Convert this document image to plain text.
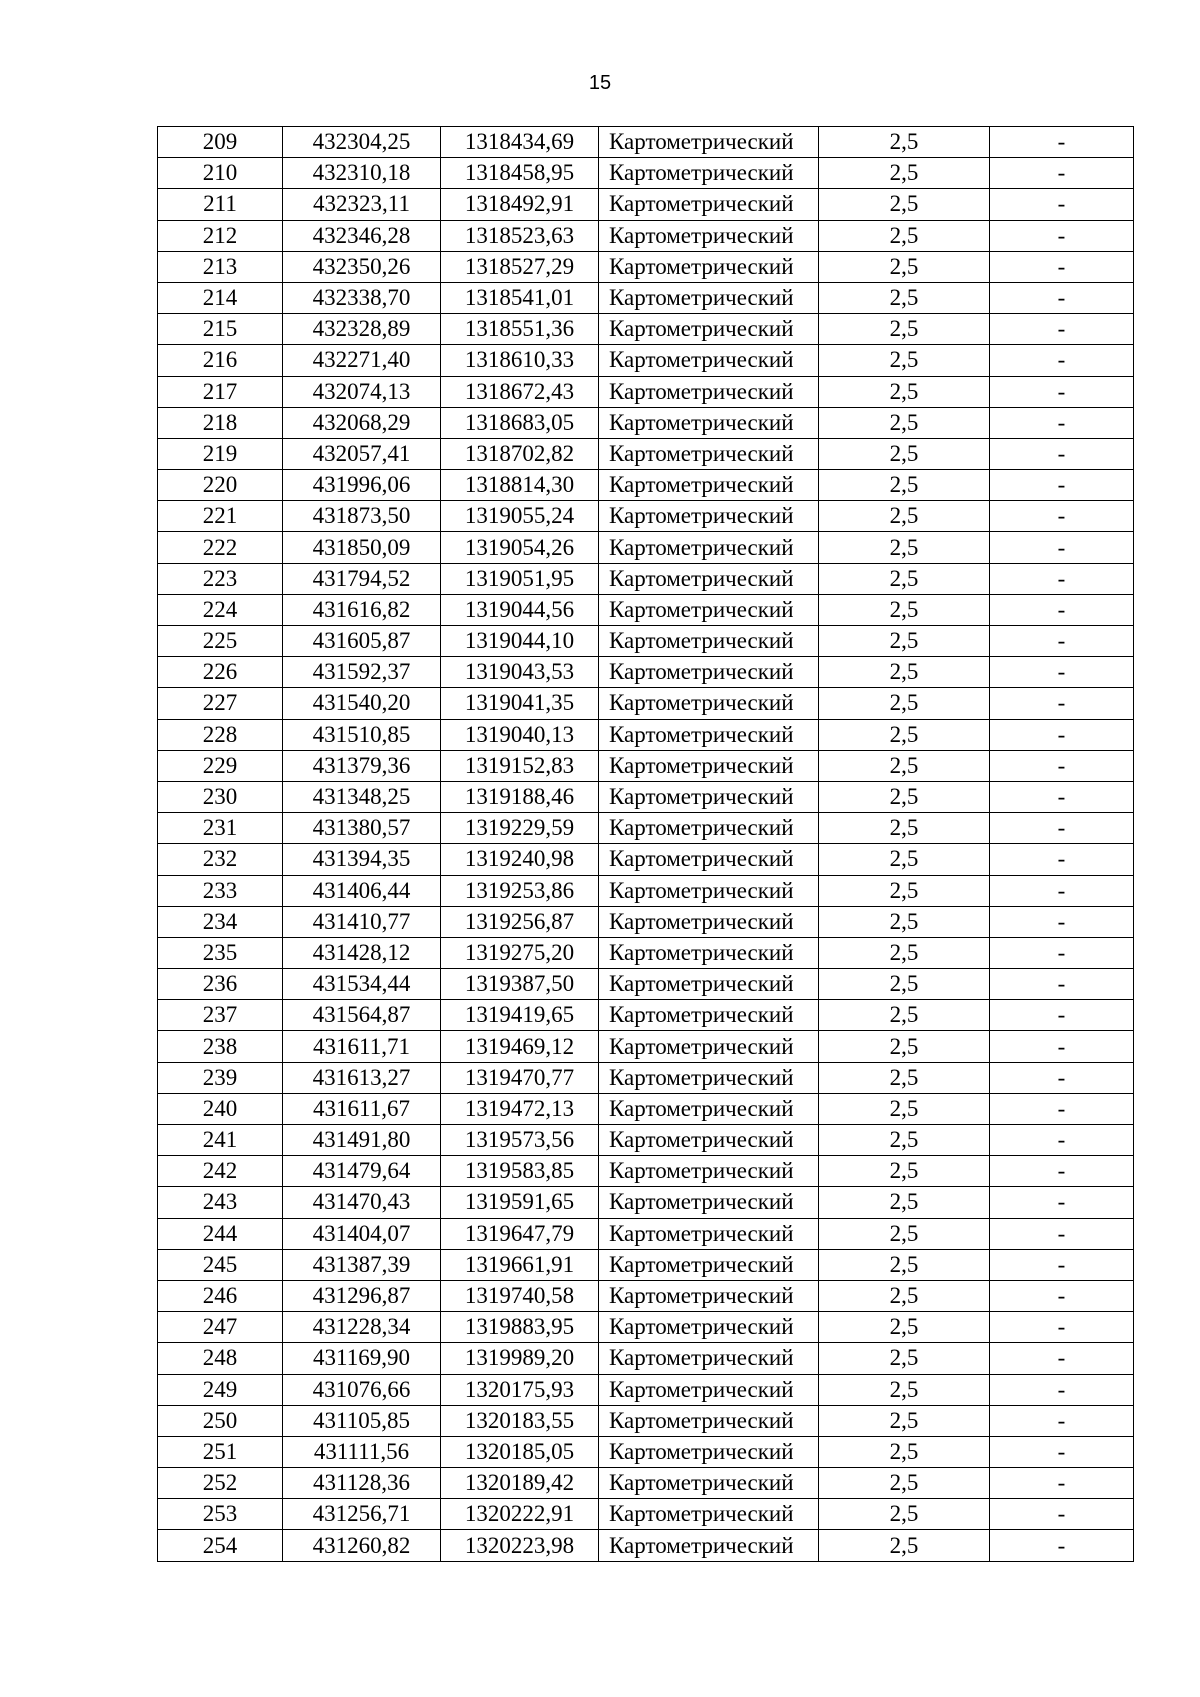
15
209	432304,25	1318434,69	Картометрический	2,5	-
210	432310,18	1318458,95	Картометрический	2,5	-
211	432323,11	1318492,91	Картометрический	2,5	-
212	432346,28	1318523,63	Картометрический	2,5	-
213	432350,26	1318527,29	Картометрический	2,5	-
214	432338,70	1318541,01	Картометрический	2,5	-
215	432328,89	1318551,36	Картометрический	2,5	-
216	432271,40	1318610,33	Картометрический	2,5	-
217	432074,13	1318672,43	Картометрический	2,5	-
218	432068,29	1318683,05	Картометрический	2,5	-
219	432057,41	1318702,82	Картометрический	2,5	-
220	431996,06	1318814,30	Картометрический	2,5	-
221	431873,50	1319055,24	Картометрический	2,5	-
222	431850,09	1319054,26	Картометрический	2,5	-
223	431794,52	1319051,95	Картометрический	2,5	-
224	431616,82	1319044,56	Картометрический	2,5	-
225	431605,87	1319044,10	Картометрический	2,5	-
226	431592,37	1319043,53	Картометрический	2,5	-
227	431540,20	1319041,35	Картометрический	2,5	-
228	431510,85	1319040,13	Картометрический	2,5	-
229	431379,36	1319152,83	Картометрический	2,5	-
230	431348,25	1319188,46	Картометрический	2,5	-
231	431380,57	1319229,59	Картометрический	2,5	-
232	431394,35	1319240,98	Картометрический	2,5	-
233	431406,44	1319253,86	Картометрический	2,5	-
234	431410,77	1319256,87	Картометрический	2,5	-
235	431428,12	1319275,20	Картометрический	2,5	-
236	431534,44	1319387,50	Картометрический	2,5	-
237	431564,87	1319419,65	Картометрический	2,5	-
238	431611,71	1319469,12	Картометрический	2,5	-
239	431613,27	1319470,77	Картометрический	2,5	-
240	431611,67	1319472,13	Картометрический	2,5	-
241	431491,80	1319573,56	Картометрический	2,5	-
242	431479,64	1319583,85	Картометрический	2,5	-
243	431470,43	1319591,65	Картометрический	2,5	-
244	431404,07	1319647,79	Картометрический	2,5	-
245	431387,39	1319661,91	Картометрический	2,5	-
246	431296,87	1319740,58	Картометрический	2,5	-
247	431228,34	1319883,95	Картометрический	2,5	-
248	431169,90	1319989,20	Картометрический	2,5	-
249	431076,66	1320175,93	Картометрический	2,5	-
250	431105,85	1320183,55	Картометрический	2,5	-
251	431111,56	1320185,05	Картометрический	2,5	-
252	431128,36	1320189,42	Картометрический	2,5	-
253	431256,71	1320222,91	Картометрический	2,5	-
254	431260,82	1320223,98	Картометрический	2,5	-
